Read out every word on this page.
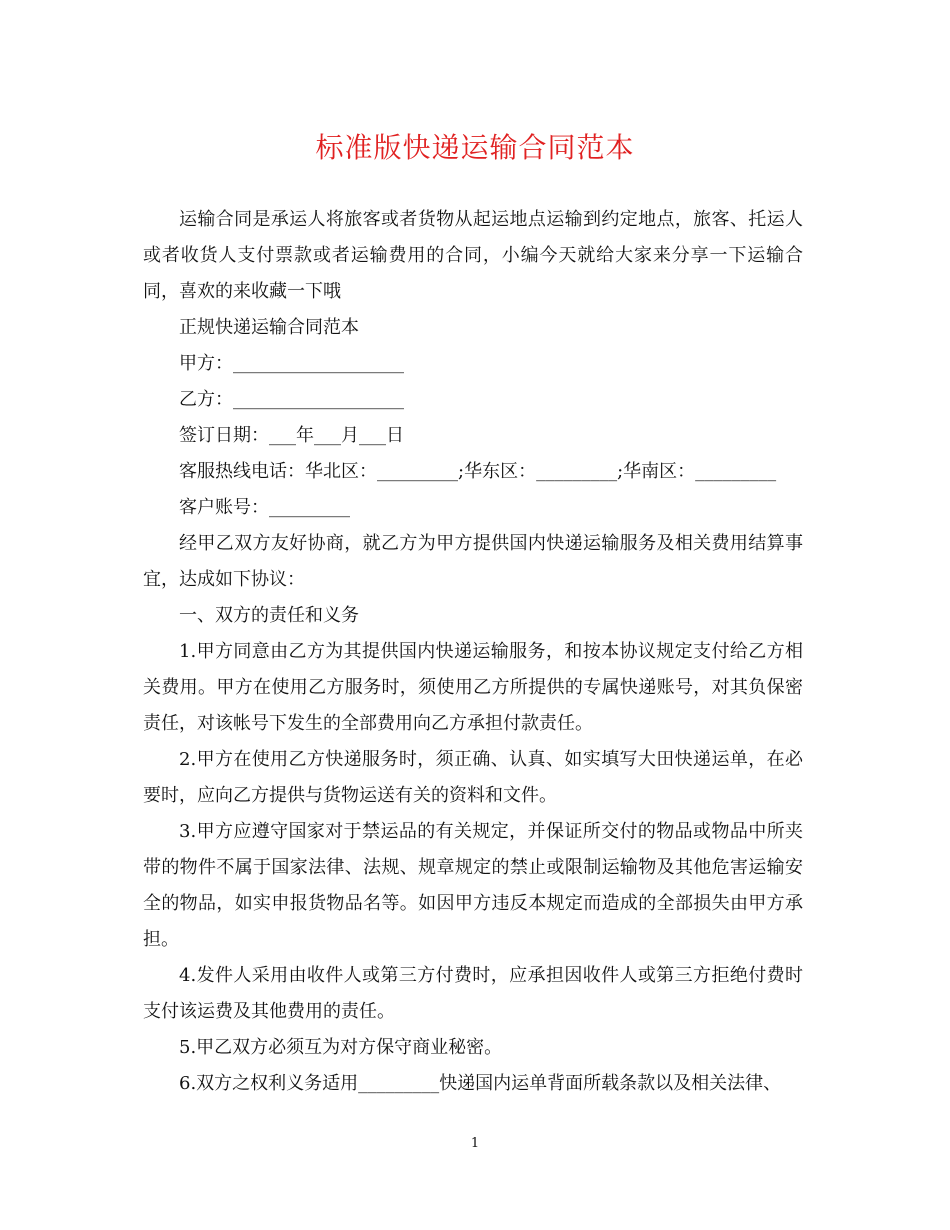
标准版快递运输合同范本

运输合同是承运人将旅客或者货物从起运地点运输到约定地点，旅客、托运人或者收货人支付票款或者运输费用的合同，小编今天就给大家来分享一下运输合同，喜欢的来收藏一下哦

正规快递运输合同范本

甲方：___________________

乙方：___________________

签订日期：___年___月___日

客服热线电话：华北区：_________;华东区：_________;华南区：_________

客户账号：_________

经甲乙双方友好协商，就乙方为甲方提供国内快递运输服务及相关费用结算事宜，达成如下协议：

一、双方的责任和义务

1.甲方同意由乙方为其提供国内快递运输服务，和按本协议规定支付给乙方相关费用。甲方在使用乙方服务时，须使用乙方所提供的专属快递账号，对其负保密责任，对该帐号下发生的全部费用向乙方承担付款责任。

2.甲方在使用乙方快递服务时，须正确、认真、如实填写大田快递运单，在必要时，应向乙方提供与货物运送有关的资料和文件。

3.甲方应遵守国家对于禁运品的有关规定，并保证所交付的物品或物品中所夹带的物件不属于国家法律、法规、规章规定的禁止或限制运输物及其他危害运输安全的物品，如实申报货物品名等。如因甲方违反本规定而造成的全部损失由甲方承担。

4.发件人采用由收件人或第三方付费时，应承担因收件人或第三方拒绝付费时支付该运费及其他费用的责任。

5.甲乙双方必须互为对方保守商业秘密。

6.双方之权利义务适用_________快递国内运单背面所载条款以及相关法律、

1
